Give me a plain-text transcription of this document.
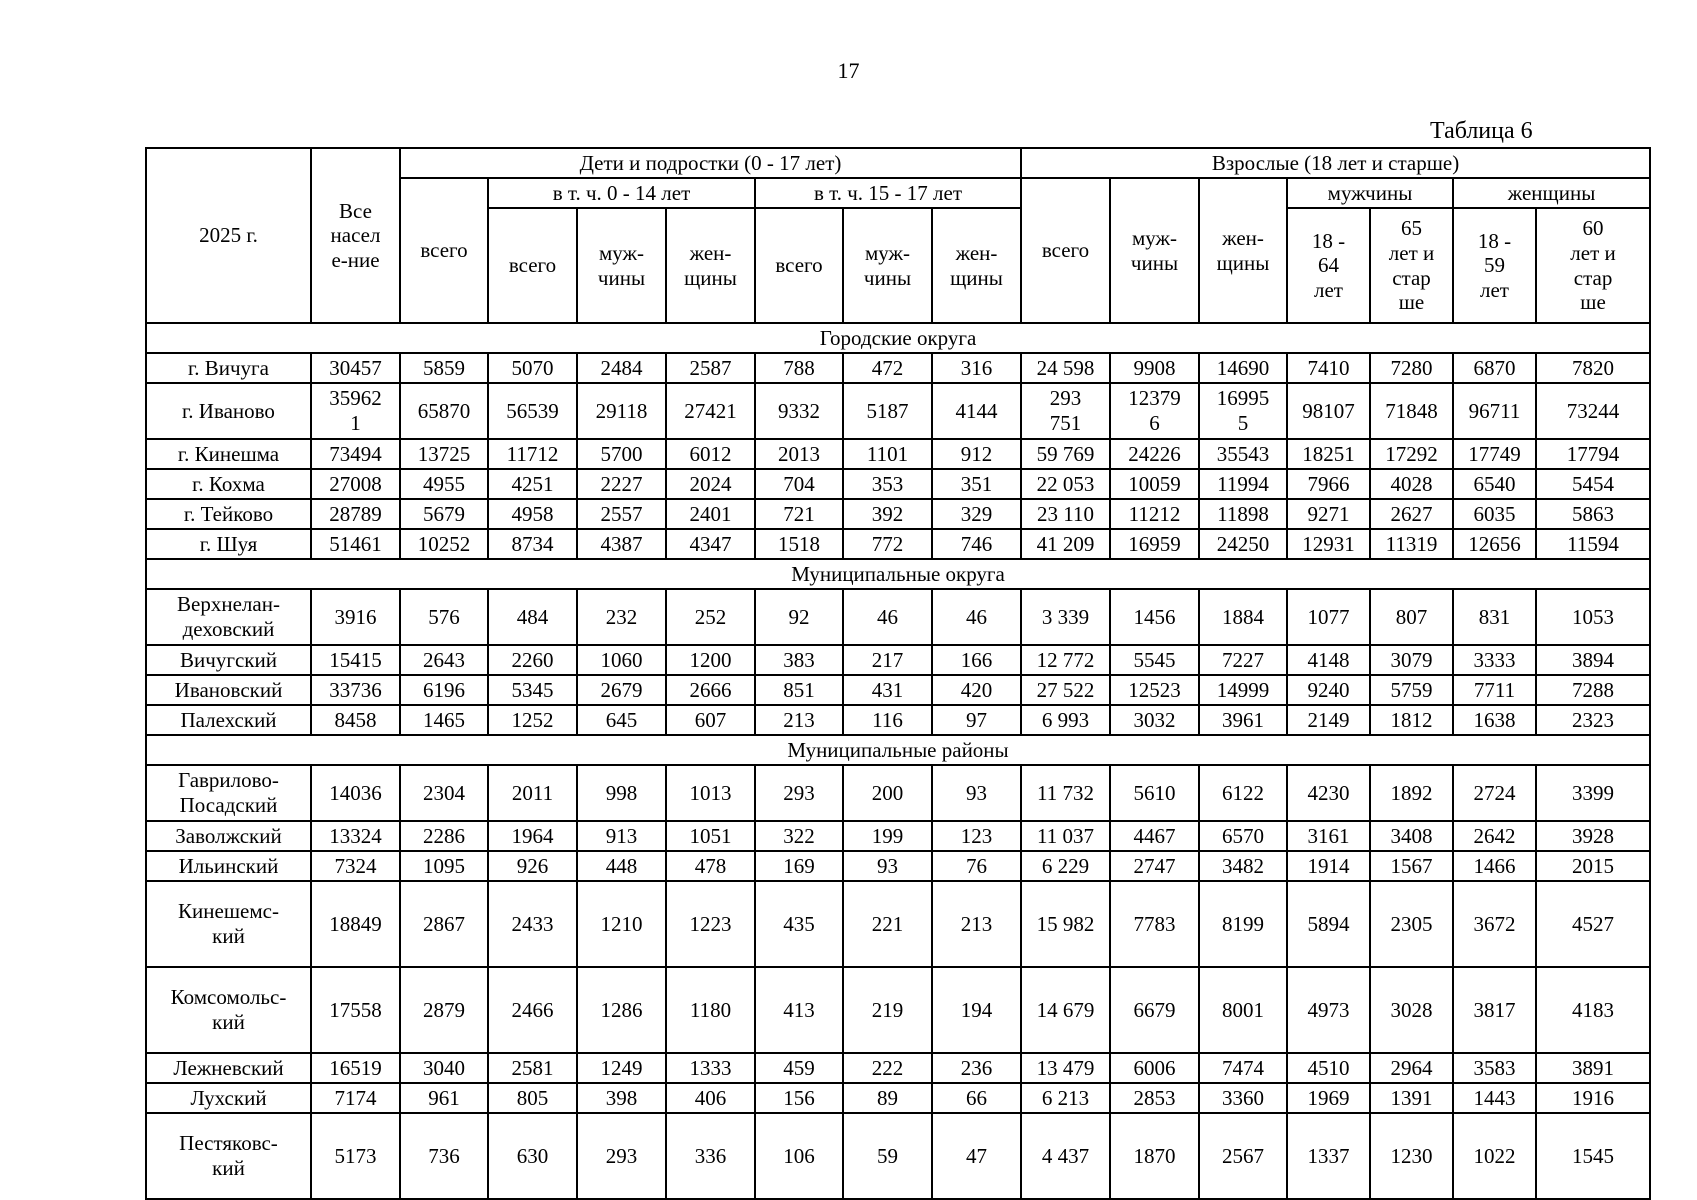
17
Таблица 6
2025 г.	Все
насел
е-ние	Дети и подростки (0 - 17 лет)							Взрослые (18 лет и старше)						
		всего	в т. ч. 0 - 14 лет			в т. ч. 15 - 17 лет			всего	муж-
чины	жен-
щины	мужчины		женщины	
			всего	муж-
чины	жен-
щины	всего	муж-
чины	жен-
щины				18 -
64
лет	65
лет и
стар
ше	18 -
59
лет	60
лет и
стар
ше

Городские округа															
г. Вичуга	30457	5859	5070	2484	2587	788	472	316	24 598	9908	14690	7410	7280	6870	7820
г. Иваново	35962
1	65870	56539	29118	27421	9332	5187	4144	293
751	12379
6	16995
5	98107	71848	96711	73244
г. Кинешма	73494	13725	11712	5700	6012	2013	1101	912	59 769	24226	35543	18251	17292	17749	17794
г. Кохма	27008	4955	4251	2227	2024	704	353	351	22 053	10059	11994	7966	4028	6540	5454
г. Тейково	28789	5679	4958	2557	2401	721	392	329	23 110	11212	11898	9271	2627	6035	5863
г. Шуя	51461	10252	8734	4387	4347	1518	772	746	41 209	16959	24250	12931	11319	12656	11594
Муниципальные округа															

Верхнелан-
деховский	3916	576	484	232	252	92	46	46	3 339	1456	1884	1077	807	831	1053
Вичугский	15415	2643	2260	1060	1200	383	217	166	12 772	5545	7227	4148	3079	3333	3894
Ивановский	33736	6196	5345	2679	2666	851	431	420	27 522	12523	14999	9240	5759	7711	7288
Палехский	8458	1465	1252	645	607	213	116	97	6 993	3032	3961	2149	1812	1638	2323
Муниципальные районы															

Гаврилово-
Посадский	14036	2304	2011	998	1013	293	200	93	11 732	5610	6122	4230	1892	2724	3399
Заволжский	13324	2286	1964	913	1051	322	199	123	11 037	4467	6570	3161	3408	2642	3928
Ильинский	7324	1095	926	448	478	169	93	76	6 229	2747	3482	1914	1567	1466	2015

Кинешемс-
кий	18849	2867	2433	1210	1223	435	221	213	15 982	7783	8199	5894	2305	3672	4527

Комсомольс-
кий	17558	2879	2466	1286	1180	413	219	194	14 679	6679	8001	4973	3028	3817	4183
Лежневский	16519	3040	2581	1249	1333	459	222	236	13 479	6006	7474	4510	2964	3583	3891
Лухский	7174	961	805	398	406	156	89	66	6 213	2853	3360	1969	1391	1443	1916

Пестяковс-
кий	5173	736	630	293	336	106	59	47	4 437	1870	2567	1337	1230	1022	1545
